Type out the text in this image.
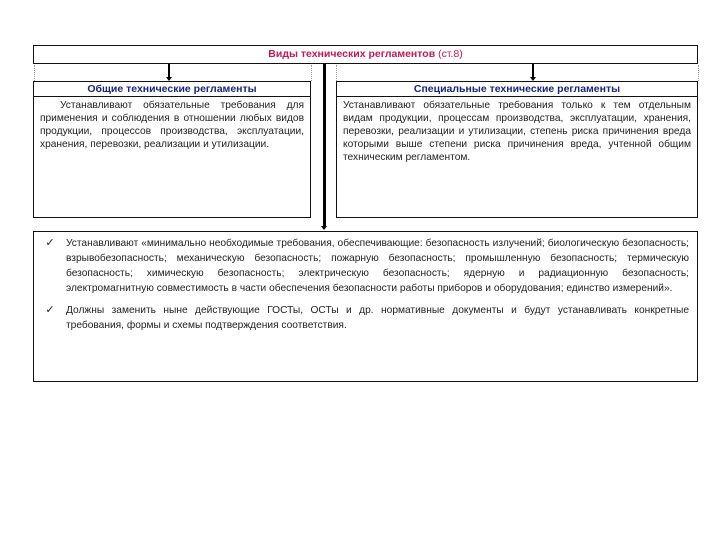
Виды технических регламентов (ст.8)
Общие технические регламенты
Устанавливают обязательные требования для применения и соблюдения в отношении любых видов продукции, процессов производства, эксплуатации, хранения, перевозки, реализации и утилизации.
Специальные технические регламенты
Устанавливают обязательные требования только к тем отдельным видам продукции, процессам производства, эксплуатации, хранения, перевозки, реализации и утилизации, степень риска причинения вреда которыми выше степени риска причинения вреда, учтенной общим техническим регламентом.
✓	Устанавливают «минимально необходимые требования, обеспечивающие: безопасность излучений; биологическую безопасность; взрывобезопасность; механическую безопасность; пожарную безопасность; промышленную безопасность; термическую безопасность; химическую безопасность; электрическую безопасность; ядерную и радиационную безопасность; электромагнитную совместимость в части обеспечения безопасности работы приборов и оборудования; единство измерений».
✓	Должны заменить ныне действующие ГОСТы, ОСТы и др. нормативные документы и будут устанавливать конкретные требования, формы и схемы подтверждения соответствия.
